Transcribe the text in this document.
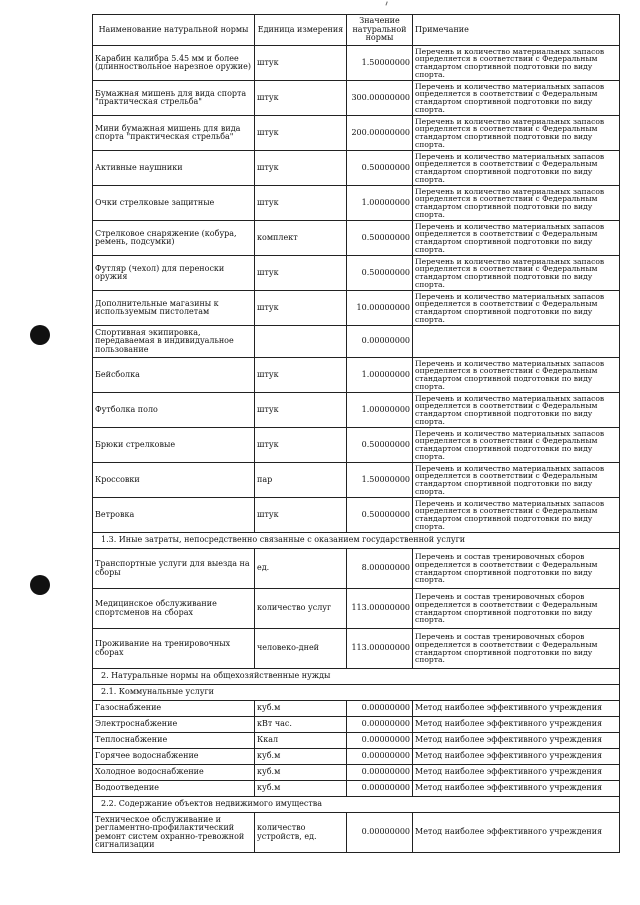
Наименование натуральной нормы	Единица измерения	Значение натуральной нормы	Примечание
Карабин калибра 5.45 мм и более (длинноствольное нарезное оружие)	штук	1.50000000	Перечень и количество материальных запасов определяется в соответствии с Федеральным стандартом спортивной подготовки по виду спорта.
Бумажная мишень для вида спорта "практическая стрельба"	штук	300.00000000	Перечень и количество материальных запасов определяется в соответствии с Федеральным стандартом спортивной подготовки по виду спорта.
Мини бумажная мишень для вида спорта "практическая стрельба"	штук	200.00000000	Перечень и количество материальных запасов определяется в соответствии с Федеральным стандартом спортивной подготовки по виду спорта.
Активные наушники	штук	0.50000000	Перечень и количество материальных запасов определяется в соответствии с Федеральным стандартом спортивной подготовки по виду спорта.
Очки стрелковые защитные	штук	1.00000000	Перечень и количество материальных запасов определяется в соответствии с Федеральным стандартом спортивной подготовки по виду спорта.
Стрелковое снаряжение (кобура, ремень, подсумки)	комплект	0.50000000	Перечень и количество материальных запасов определяется в соответствии с Федеральным стандартом спортивной подготовки по виду спорта.
Футляр (чехол) для переноски оружия	штук	0.50000000	Перечень и количество материальных запасов определяется в соответствии с Федеральным стандартом спортивной подготовки по виду спорта.
Дополнительные магазины к используемым пистолетам	штук	10.00000000	Перечень и количество материальных запасов определяется в соответствии с Федеральным стандартом спортивной подготовки по виду спорта.
Спортивная экипировка, передаваемая в индивидуальное пользование		0.00000000	
Бейсболка	штук	1.00000000	Перечень и количество материальных запасов определяется в соответствии с Федеральным стандартом спортивной подготовки по виду спорта.
Футболка поло	штук	1.00000000	Перечень и количество материальных запасов определяется в соответствии с Федеральным стандартом спортивной подготовки по виду спорта.
Брюки стрелковые	штук	0.50000000	Перечень и количество материальных запасов определяется в соответствии с Федеральным стандартом спортивной подготовки по виду спорта.
Кроссовки	пар	1.50000000	Перечень и количество материальных запасов определяется в соответствии с Федеральным стандартом спортивной подготовки по виду спорта.
Ветровка	штук	0.50000000	Перечень и количество материальных запасов определяется в соответствии с Федеральным стандартом спортивной подготовки по виду спорта.
1.3. Иные затраты, непосредственно связанные с оказанием государственной услуги			
Транспортные услуги для выезда на сборы	ед.	8.00000000	Перечень и состав тренировочных сборов определяется в соответствии с Федеральным стандартом спортивной подготовки по виду спорта.
Медицинское обслуживание спортсменов на сборах	количество услуг	113.00000000	Перечень и состав тренировочных сборов определяется в соответствии с Федеральным стандартом спортивной подготовки по виду спорта.
Проживание на тренировочных сборах	человеко-дней	113.00000000	Перечень и состав тренировочных сборов определяется в соответствии с Федеральным стандартом спортивной подготовки по виду спорта.
2. Натуральные нормы на общехозяйственные нужды			
2.1. Коммунальные услуги			
Газоснабжение	куб.м	0.00000000	Метод наиболее эффективного учреждения
Электроснабжение	кВт час.	0.00000000	Метод наиболее эффективного учреждения
Теплоснабжение	Ккал	0.00000000	Метод наиболее эффективного учреждения
Горячее водоснабжение	куб.м	0.00000000	Метод наиболее эффективного учреждения
Холодное водоснабжение	куб.м	0.00000000	Метод наиболее эффективного учреждения
Водоотведение	куб.м	0.00000000	Метод наиболее эффективного учреждения
2.2. Содержание объектов недвижимого имущества			
Техническое обслуживание и регламентно-профилактический ремонт систем охранно-тревожной сигнализации	количество устройств, ед.	0.00000000	Метод наиболее эффективного учреждения
